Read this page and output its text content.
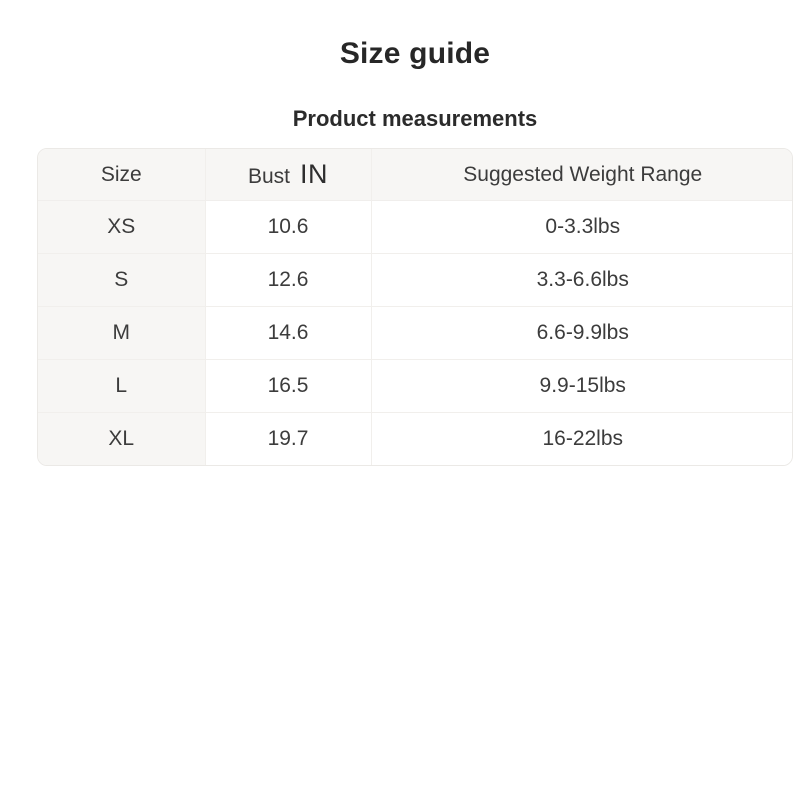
Size guide
Product measurements
Size	Bust IN	Suggested Weight Range
XS	10.6	0-3.3lbs
S	12.6	3.3-6.6lbs
M	14.6	6.6-9.9lbs
L	16.5	9.9-15lbs
XL	19.7	16-22lbs
